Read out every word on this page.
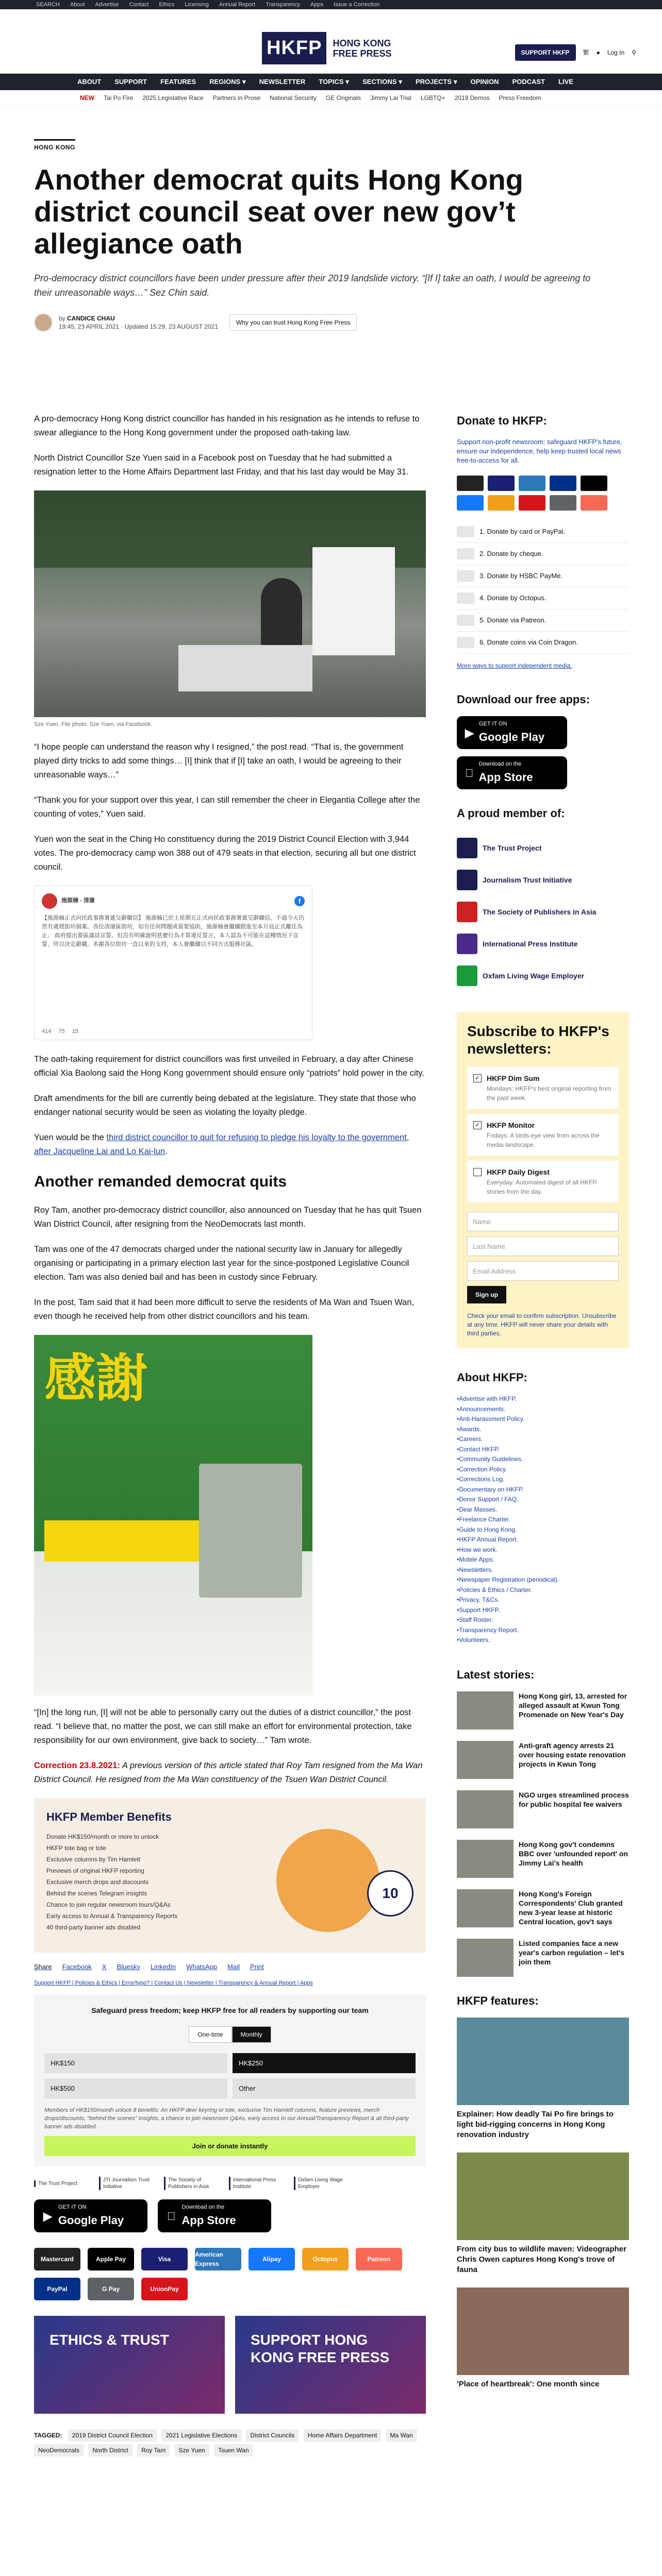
SEARCH About Advertise Contact Ethics Licensing Annual Report Transparency Apps Issue a Correction
HKFP	HONG KONG
FREE PRESS	SUPPORT HKFP	繁 ● Log In ⚲
ABOUT SUPPORT FEATURES REGIONS ▾ NEWSLETTER TOPICS ▾ SECTIONS ▾ PROJECTS ▾ OPINION PODCAST LIVE
NEW Tai Po Fire 2025 Legislative Race Partners in Prose National Security GE Originals Jimmy Lai Trial LGBTQ+ 2019 Demos Press Freedom
HONG KONG
Another democrat quits Hong Kong district council seat over new gov’t allegiance oath

Pro-democracy district councillors have been under pressure after their 2019 landslide victory. “[If I] take an oath, I would be agreeing to their unreasonable ways…” Sez Chin said.

by CANDICE CHAU
19:45, 23 APRIL 2021 · Updated 15:29, 23 AUGUST 2021
Why you can trust Hong Kong Free Press

A pro-democracy Hong Kong district councillor has handed in his resignation as he intends to refuse to swear allegiance to the Hong Kong government under the proposed oath-taking law.

North District Councillor Sze Yuen said in a Facebook post on Tuesday that he had submitted a resignation letter to the Home Affairs Department last Friday, and that his last day would be May 31.

Sze Yuen. File photo: Sze Yuen, via Facebook.

“I hope people can understand the reason why I resigned,” the post read. “That is, the government played dirty tricks to add some things… [I] think that if [I] take an oath, I would be agreeing to their unreasonable ways…”

“Thank you for your support over this year, I can still remember the cheer in Elegantia College after the counting of votes,” Yuen said.

Yuen won the seat in the Ching Ho constituency during the 2019 District Council Election with 3,944 votes. The pro-democracy camp won 388 out of 479 seats in that election, securing all but one district council.

施源楠 - 清濠	f
【施源楠正式向民政事務署遞交辭職信】 施源楠已於上星期五正式向民政事務署遞交辭職信，不過今天仍然有處理街坊個案。各位清濠區街坊，如有任何問題或需要協助，施源楠會繼續跟進至本月底正式離任為止。 政府提出要區議員宣誓，但沒有明確說明甚麼行為才算違反誓言，本人認為不可能在這種情況下宣誓，所以決定辭職。多謝各位街坊一直以來的支持，本人會繼續以不同方式服務社區。
414 75 15

The oath-taking requirement for district councillors was first unveiled in February, a day after Chinese official Xia Baolong said the Hong Kong government should ensure only “patriots” hold power in the city.

Draft amendments for the bill are currently being debated at the legislature. They state that those who endanger national security would be seen as violating the loyalty pledge.

Yuen would be the third district councillor to quit for refusing to pledge his loyalty to the government, after Jacqueline Lai and Lo Kai-lun.

Another remanded democrat quits

Roy Tam, another pro-democracy district councillor, also announced on Tuesday that he has quit Tsuen Wan District Council, after resigning from the NeoDemocrats last month.

Tam was one of the 47 democrats charged under the national security law in January for allegedly organising or participating in a primary election last year for the since-postponed Legislative Council election. Tam was also denied bail and has been in custody since February.

In the post, Tam said that it had been more difficult to serve the residents of Ma Wan and Tsuen Wan, even though he received help from other district councillors and his team.

感謝

“[In] the long run, [I] will not be able to personally carry out the duties of a district councillor,” the post read. “I believe that, no matter the post, we can still make an effort for environmental protection, take responsibility for our own environment, give back to society…” Tam wrote.

Correction 23.8.2021: A previous version of this article stated that Roy Tam resigned from the Ma Wan District Council. He resigned from the Ma Wan constituency of the Tsuen Wan District Council.

HKFP Member Benefits
Donate HK$150/month or more to unlock
HKFP tote bag or tote
Exclusive columns by Tim Hamlett
Previews of original HKFP reporting
Exclusive merch drops and discounts
Behind the scenes Telegram insights
Chance to join regular newsroom tours/Q&As
Early access to Annual & Transparency Reports
40 third-party banner ads disabled
10
Share Facebook X Bluesky LinkedIn WhatsApp Mail Print
Support HKFP | Policies & Ethics | Error/typo? | Contact Us | Newsletter | Transparency & Annual Report | Apps
Safeguard press freedom; keep HKFP free for all readers by supporting our team
One-time	Monthly
HK$150	HK$250
HK$500	Other

Members of HK$150/month unlock 8 benefits: An HKFP deer keyring or tote, exclusive Tim Hamlett columns, feature previews, merch drops/discounts, “behind the scenes” insights, a chance to join newsroom Q&As, early access to our Annual/Transparency Report & all third-party banner ads disabled.

Join or donate instantly
The Trust Project
JTI Journalism Trust Initiative
The Society of Publishers in Asia
International Press Institute
Oxfam Living Wage Employer
▶
GET IT ON
Google Play
Download on the
App Store
Mastercard	Apple Pay	Visa
American Express
Alipay	Octopus	Patreon
PayPal	G Pay	UnionPay
ETHICS & TRUST	SUPPORT HONG KONG FREE PRESS
TAGGED: 2019 District Council Election 2021 Legislative Elections District Councils Home Affairs Department Ma Wan NeoDemocrats North District Roy Tam Sze Yuen Tsuen Wan
Donate to HKFP:

Support non-profit newsroom: safeguard HKFP's future, ensure our independence, help keep trusted local news free-to-access for all.

1. Donate by card or PayPal.
2. Donate by cheque.
3. Donate by HSBC PayMe.
4. Donate by Octopus.
5. Donate via Patreon.
6. Donate coins via Coin Dragon.
More ways to support independent media.
Download our free apps:
▶
GET IT ON
Google Play
Download on the
App Store
A proud member of:
The Trust Project
Journalism Trust Initiative
The Society of Publishers in Asia
International Press Institute
Oxfam Living Wage Employer
Subscribe to HKFP's newsletters:
✓ HKFP Dim Sum
Mondays: HKFP's best original reporting from the past week.
✓ HKFP Monitor
Fridays: A birds-eye view from across the media landscape.
HKFP Daily Digest
Everyday: Automated digest of all HKFP stories from the day.
Name
Last Name
Email Address
Sign up

Check your email to confirm subscription. Unsubscribe at any time. HKFP will never share your details with third parties.

About HKFP:
• Advertise with HKFP.
• Announcements.
• Anti-Harassment Policy.
• Awards.
• Careers.
• Contact HKFP.
• Community Guidelines.
• Correction Policy.
• Corrections Log.
• Documentary on HKFP.
• Donor Support / FAQ.
• Dear Masses.
• Freelance Charter.
• Guide to Hong Kong.
• HKFP Annual Report.
• How we work.
• Mobile Apps.
• Newsletters.
• Newspaper Registration (periodical).
• Policies & Ethics / Charter.
• Privacy, T&Cs.
• Support HKFP.
• Staff Roster.
• Transparency Report.
• Volunteers.
Latest stories:
Hong Kong girl, 13, arrested for alleged assault at Kwun Tong Promenade on New Year's Day
Anti-graft agency arrests 21 over housing estate renovation projects in Kwun Tong
NGO urges streamlined process for public hospital fee waivers
Hong Kong gov't condemns BBC over 'unfounded report' on Jimmy Lai's health
Hong Kong's Foreign Correspondents' Club granted new 3-year lease at historic Central location, gov't says
Listed companies face a new year's carbon regulation – let's join them
HKFP features:
Explainer: How deadly Tai Po fire brings to light bid-rigging concerns in Hong Kong renovation industry
From city bus to wildlife maven: Videographer Chris Owen captures Hong Kong's trove of fauna
'Place of heartbreak': One month since
